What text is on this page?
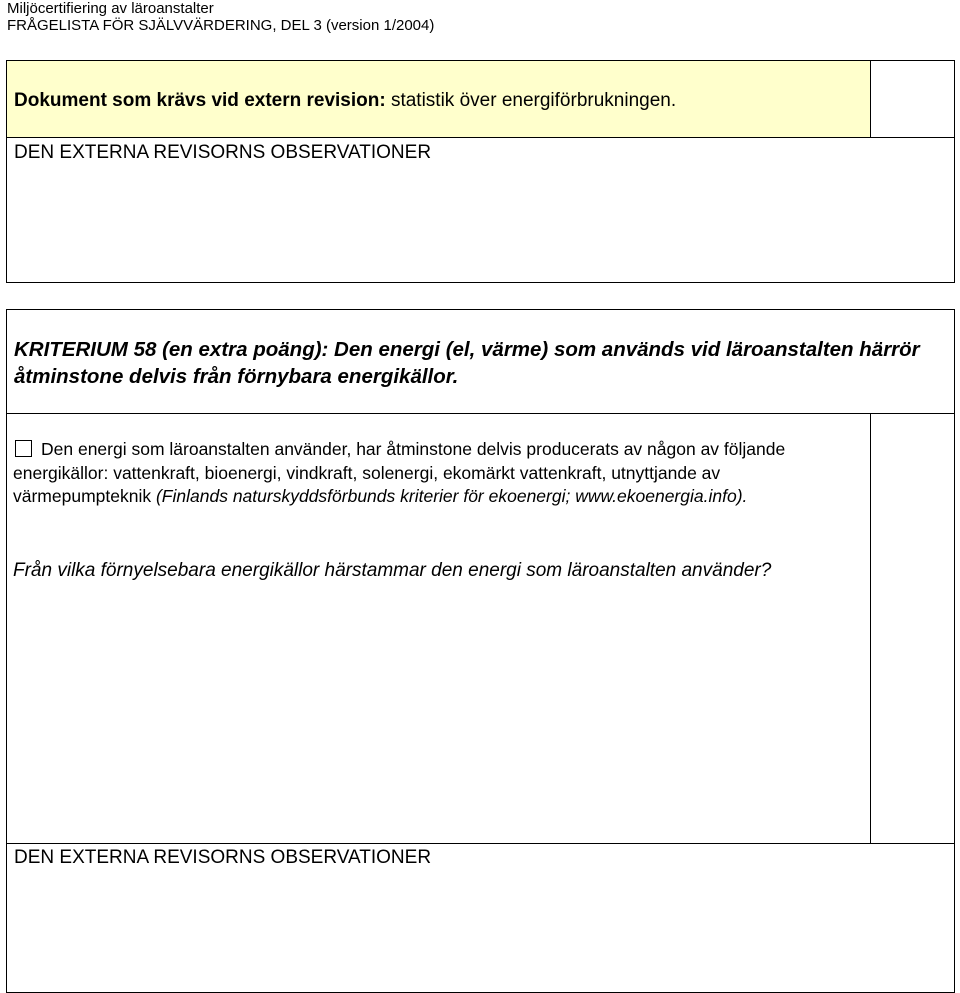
Miljöcertifiering av läroanstalter
FRÅGELISTA FÖR SJÄLVVÄRDERING, DEL 3 (version 1/2004)
Dokument som krävs vid extern revision: statistik över energiförbrukningen.
DEN EXTERNA REVISORNS OBSERVATIONER
KRITERIUM 58 (en extra poäng): Den energi (el, värme) som används vid läroanstalten härrör åtminstone delvis från förnybara energikällor.
Den energi som läroanstalten använder, har åtminstone delvis producerats av någon av följande energikällor: vattenkraft, bioenergi, vindkraft, solenergi, ekomärkt vattenkraft, utnyttjande av värmepumpteknik (Finlands naturskyddsförbunds kriterier för ekoenergi; www.ekoenergia.info).
Från vilka förnyelsebara energikällor härstammar den energi som läroanstalten använder?
DEN EXTERNA REVISORNS OBSERVATIONER
